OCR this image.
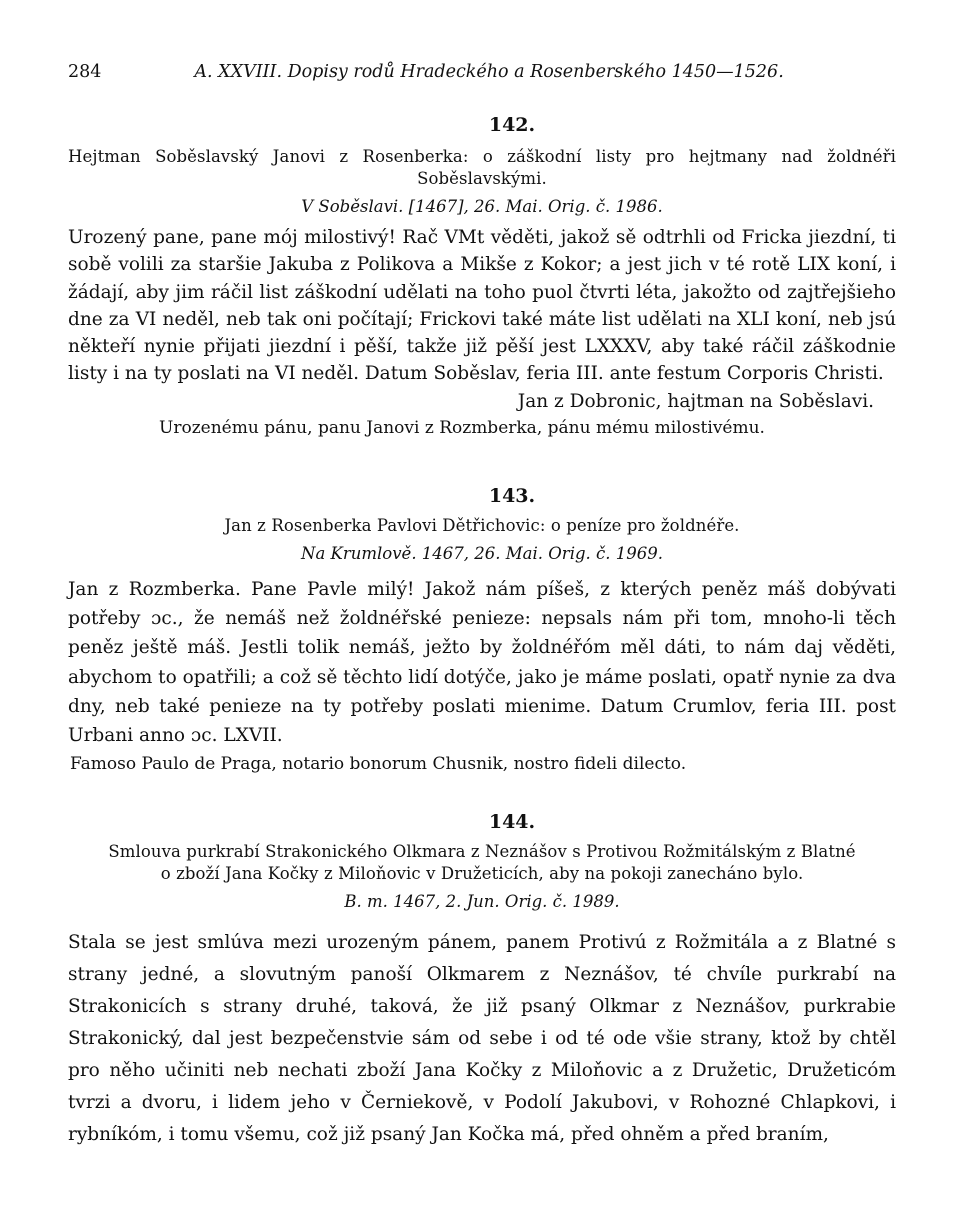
284	A. XXVIII. Dopisy rodů Hradeckého a Rosenberského 1450—1526.
142.
Hejtman Soběslavský Janovi z Rosenberka: o záškodní listy pro hejtmany nad žoldnéři
Soběslavskými.
V Soběslavi. [1467], 26. Mai. Orig. č. 1986.
Urozený pane, pane mój milostivý! Rač VMt věděti, jakož sě odtrhli od Fricka jiezdní, ti sobě volili za staršie Jakuba z Polikova a Mikše z Kokor; a jest jich v té rotě LIX koní, i žádají, aby jim ráčil list záškodní udělati na toho puol čtvrti léta, jakožto od zajtřejšieho dne za VI neděl, neb tak oni počítají; Frickovi také máte list udělati na XLI koní, neb jsú někteří nynie přijati jiezdní i pěší, takže již pěší jest LXXXV, aby také ráčil záškodnie listy i na ty poslati na VI neděl. Datum Soběslav, feria III. ante festum Corporis Christi.
Jan z Dobronic, hajtman na Soběslavi.
Urozenému pánu, panu Janovi z Rozmberka, pánu mému milostivému.
143.
Jan z Rosenberka Pavlovi Dětřichovic: o peníze pro žoldnéře.
Na Krumlově. 1467, 26. Mai. Orig. č. 1969.
Jan z Rozmberka. Pane Pavle milý! Jakož nám píšeš, z kterých peněz máš dobývati potřeby ɔc., že nemáš než žoldnéřské penieze: nepsals nám při tom, mnoho-li těch peněz ještě máš. Jestli tolik nemáš, ježto by žoldnéřóm měl dáti, to nám daj věděti, abychom to opatřili; a což sě těchto lidí dotýče, jako je máme poslati, opatř nynie za dva dny, neb také penieze na ty potřeby poslati mienime. Datum Crumlov, feria III. post Urbani anno ɔc. LXVII.
Famoso Paulo de Praga, notario bonorum Chusnik, nostro fideli dilecto.
144.
Smlouva purkrabí Strakonického Olkmara z Neznášov s Protivou Rožmitálským z Blatné
o zboží Jana Kočky z Miloňovic v Družeticích, aby na pokoji zanecháno bylo.
B. m. 1467, 2. Jun. Orig. č. 1989.
Stala se jest smlúva mezi urozeným pánem, panem Protivú z Rožmitála a z Blatné s strany jedné, a slovutným panoší Olkmarem z Neznášov, té chvíle purkrabí na Strakonicích s strany druhé, taková, že již psaný Olkmar z Neznášov, purkrabie Strakonický, dal jest bezpečenstvie sám od sebe i od té ode všie strany, ktož by chtěl pro něho učiniti neb nechati zboží Jana Kočky z Miloňovic a z Družetic, Družeticóm tvrzi a dvoru, i lidem jeho v Černiekově, v Podolí Jakubovi, v Rohozné Chlapkovi, i rybníkóm, i tomu všemu, což již psaný Jan Kočka má, před ohněm a před braním,
